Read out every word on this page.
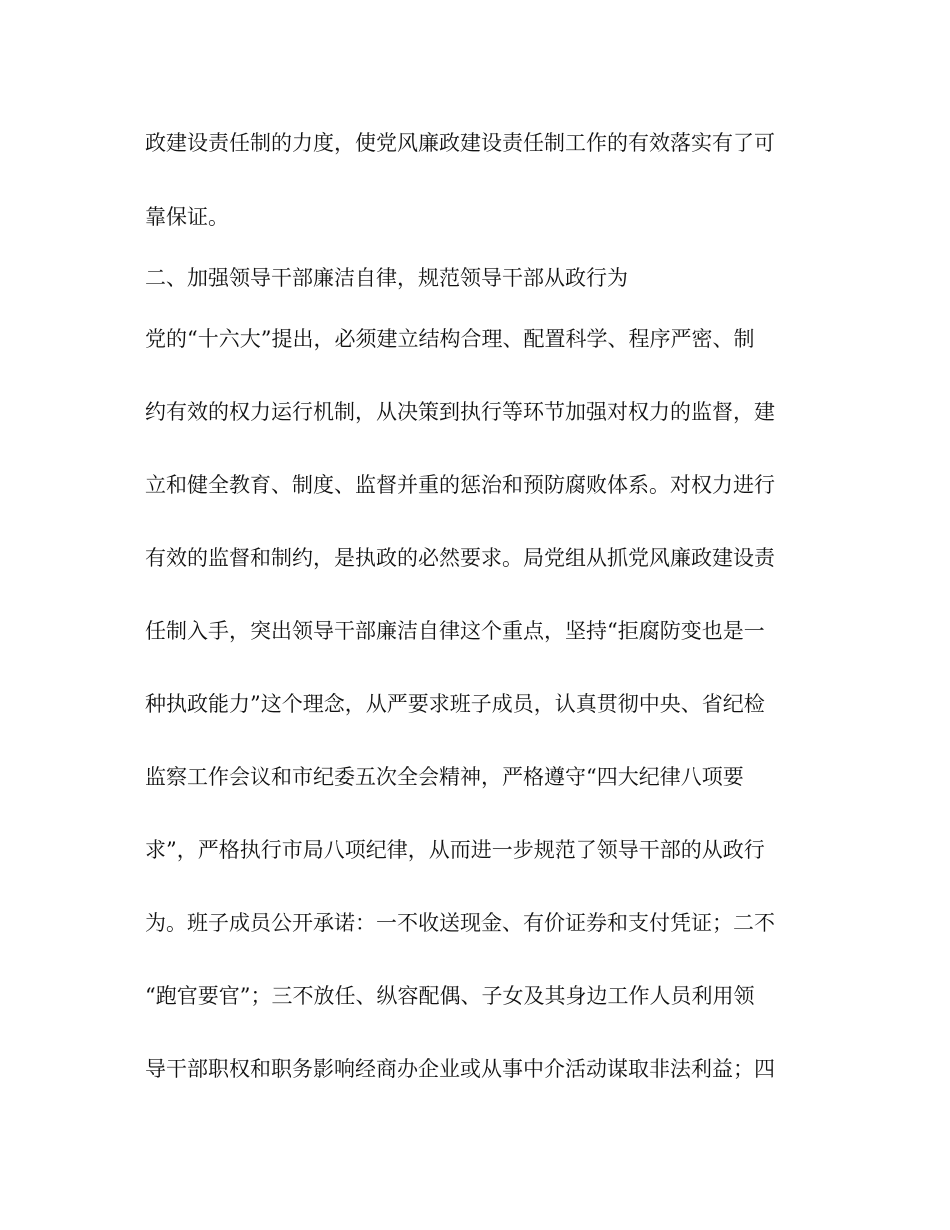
政建设责任制的力度，使党风廉政建设责任制工作的有效落实有了可
靠保证。
二、加强领导干部廉洁自律，规范领导干部从政行为
党的“十六大”提出，必须建立结构合理、配置科学、程序严密、制
约有效的权力运行机制，从决策到执行等环节加强对权力的监督，建
立和健全教育、制度、监督并重的惩治和预防腐败体系。对权力进行
有效的监督和制约，是执政的必然要求。局党组从抓党风廉政建设责
任制入手，突出领导干部廉洁自律这个重点，坚持“拒腐防变也是一
种执政能力”这个理念，从严要求班子成员，认真贯彻中央、省纪检
监察工作会议和市纪委五次全会精神，严格遵守“四大纪律八项要
求”，严格执行市局八项纪律，从而进一步规范了领导干部的从政行
为。班子成员公开承诺：一不收送现金、有价证券和支付凭证；二不
“跑官要官”；三不放任、纵容配偶、子女及其身边工作人员利用领
导干部职权和职务影响经商办企业或从事中介活动谋取非法利益；四
